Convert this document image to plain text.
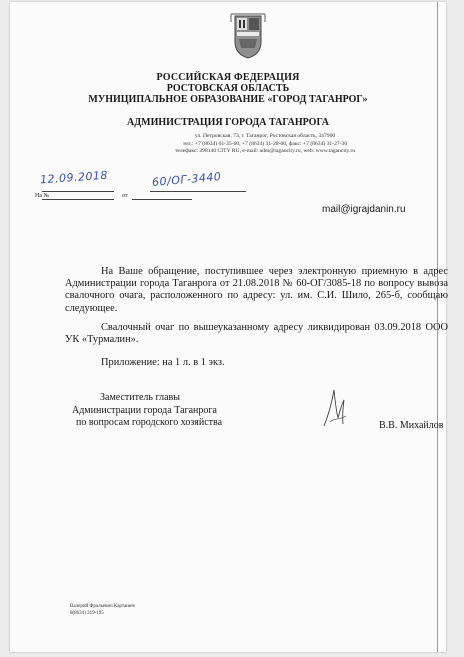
РОССИЙСКАЯ ФЕДЕРАЦИЯ
РОСТОВСКАЯ ОБЛАСТЬ
МУНИЦИПАЛЬНОЕ ОБРАЗОВАНИЕ «ГОРОД ТАГАНРОГ»
АДМИНИСТРАЦИЯ ГОРОДА ТАГАНРОГА
ул. Петровская, 73, г. Таганрог, Ростовская область, 347900
тел.: +7 (8634) 61-35-60, +7 (8634) 31-28-00, факс: +7 (8634) 31-27-30
телефакс: 298140 CITY RU, e-mail: adm@tagancity.ru, web: www.tagancity.ru
12.09.2018	60/ОГ-3440
На №	от
mail@igrajdanin.ru
На Ваше обращение, поступившее через электронную приемную в адрес Администрации города Таганрога от 21.08.2018 № 60-ОГ/3085-18 по вопросу вывоза свалочного очага, расположенного по адресу: ул. им. С.И. Шило, 265-б, сообщаю следующее.
Свалочный очаг по вышеуказанному адресу ликвидирован 03.09.2018 ООО УК «Турмалин».
Приложение: на 1 л. в 1 экз.
Заместитель главы
Администрации города Таганрога
по вопросам городского хозяйства	В.В. Михайлов
Валерий Фральевич Карташев
8(8634) 319-195
